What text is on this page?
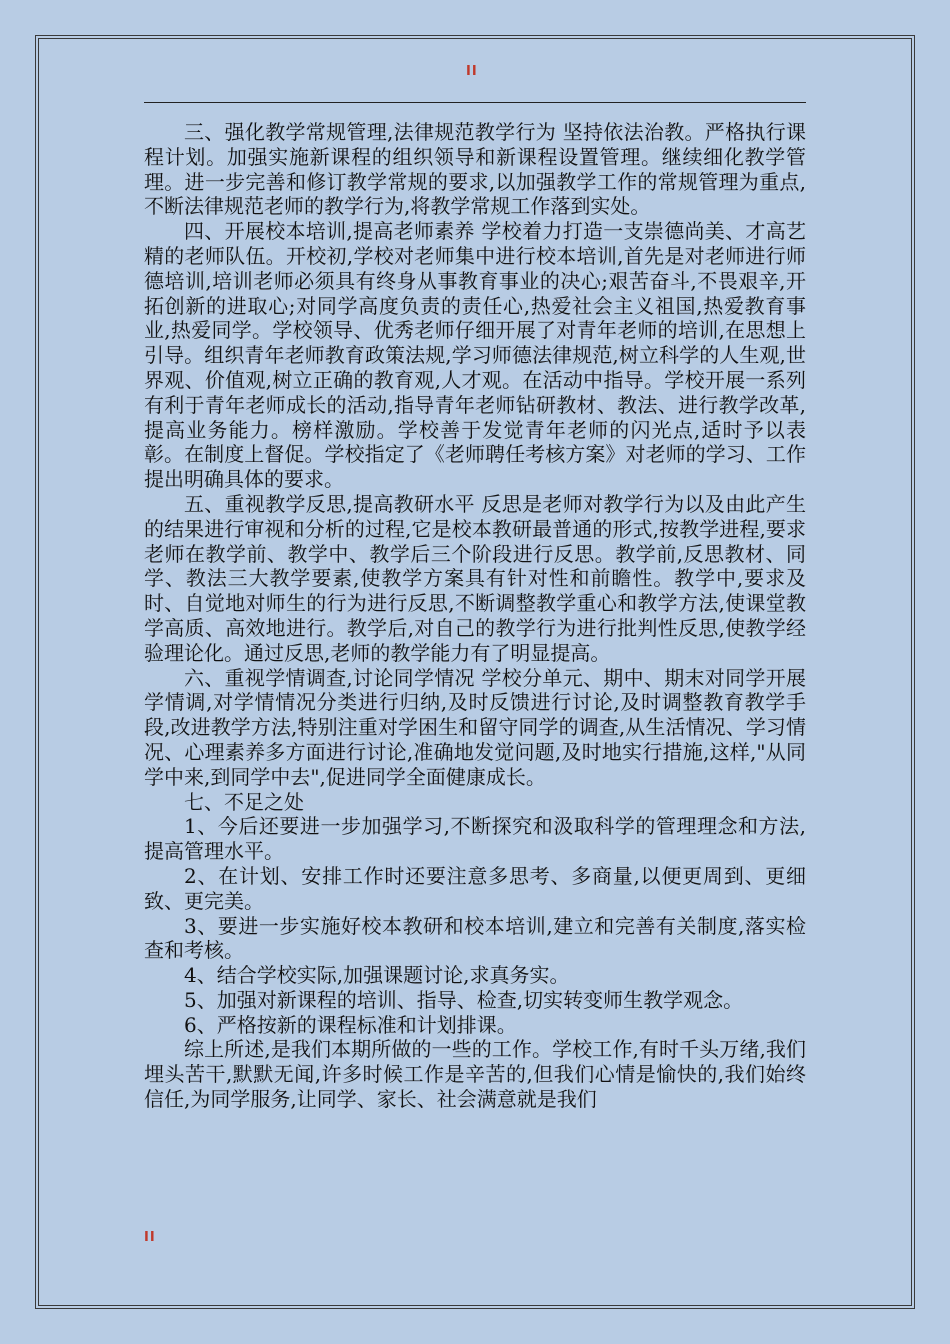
II

三、强化教学常规管理,法律规范教学行为 坚持依法治教。严格执行课程计划。加强实施新课程的组织领导和新课程设置管理。继续细化教学管理。进一步完善和修订教学常规的要求,以加强教学工作的常规管理为重点,不断法律规范老师的教学行为,将教学常规工作落到实处。

四、开展校本培训,提高老师素养 学校着力打造一支崇德尚美、才高艺精的老师队伍。开校初,学校对老师集中进行校本培训,首先是对老师进行师德培训,培训老师必须具有终身从事教育事业的决心;艰苦奋斗,不畏艰辛,开拓创新的进取心;对同学高度负责的责任心,热爱社会主义祖国,热爱教育事业,热爱同学。学校领导、优秀老师仔细开展了对青年老师的培训,在思想上引导。组织青年老师教育政策法规,学习师德法律规范,树立科学的人生观,世界观、价值观,树立正确的教育观,人才观。在活动中指导。学校开展一系列有利于青年老师成长的活动,指导青年老师钻研教材、教法、进行教学改革,提高业务能力。榜样激励。学校善于发觉青年老师的闪光点,适时予以表彰。在制度上督促。学校指定了《老师聘任考核方案》对老师的学习、工作提出明确具体的要求。

五、重视教学反思,提高教研水平 反思是老师对教学行为以及由此产生的结果进行审视和分析的过程,它是校本教研最普通的形式,按教学进程,要求老师在教学前、教学中、教学后三个阶段进行反思。教学前,反思教材、同学、教法三大教学要素,使教学方案具有针对性和前瞻性。教学中,要求及时、自觉地对师生的行为进行反思,不断调整教学重心和教学方法,使课堂教学高质、高效地进行。教学后,对自己的教学行为进行批判性反思,使教学经验理论化。通过反思,老师的教学能力有了明显提高。

六、重视学情调查,讨论同学情况 学校分单元、期中、期末对同学开展学情调,对学情情况分类进行归纳,及时反馈进行讨论,及时调整教育教学手段,改进教学方法,特别注重对学困生和留守同学的调查,从生活情况、学习情况、心理素养多方面进行讨论,准确地发觉问题,及时地实行措施,这样,"从同学中来,到同学中去",促进同学全面健康成长。

七、不足之处

1、今后还要进一步加强学习,不断探究和汲取科学的管理理念和方法,提高管理水平。

2、在计划、安排工作时还要注意多思考、多商量,以便更周到、更细致、更完美。

3、要进一步实施好校本教研和校本培训,建立和完善有关制度,落实检查和考核。

4、结合学校实际,加强课题讨论,求真务实。

5、加强对新课程的培训、指导、检查,切实转变师生教学观念。

6、严格按新的课程标准和计划排课。

综上所述,是我们本期所做的一些的工作。学校工作,有时千头万绪,我们埋头苦干,默默无闻,许多时候工作是辛苦的,但我们心情是愉快的,我们始终信任,为同学服务,让同学、家长、社会满意就是我们

II
